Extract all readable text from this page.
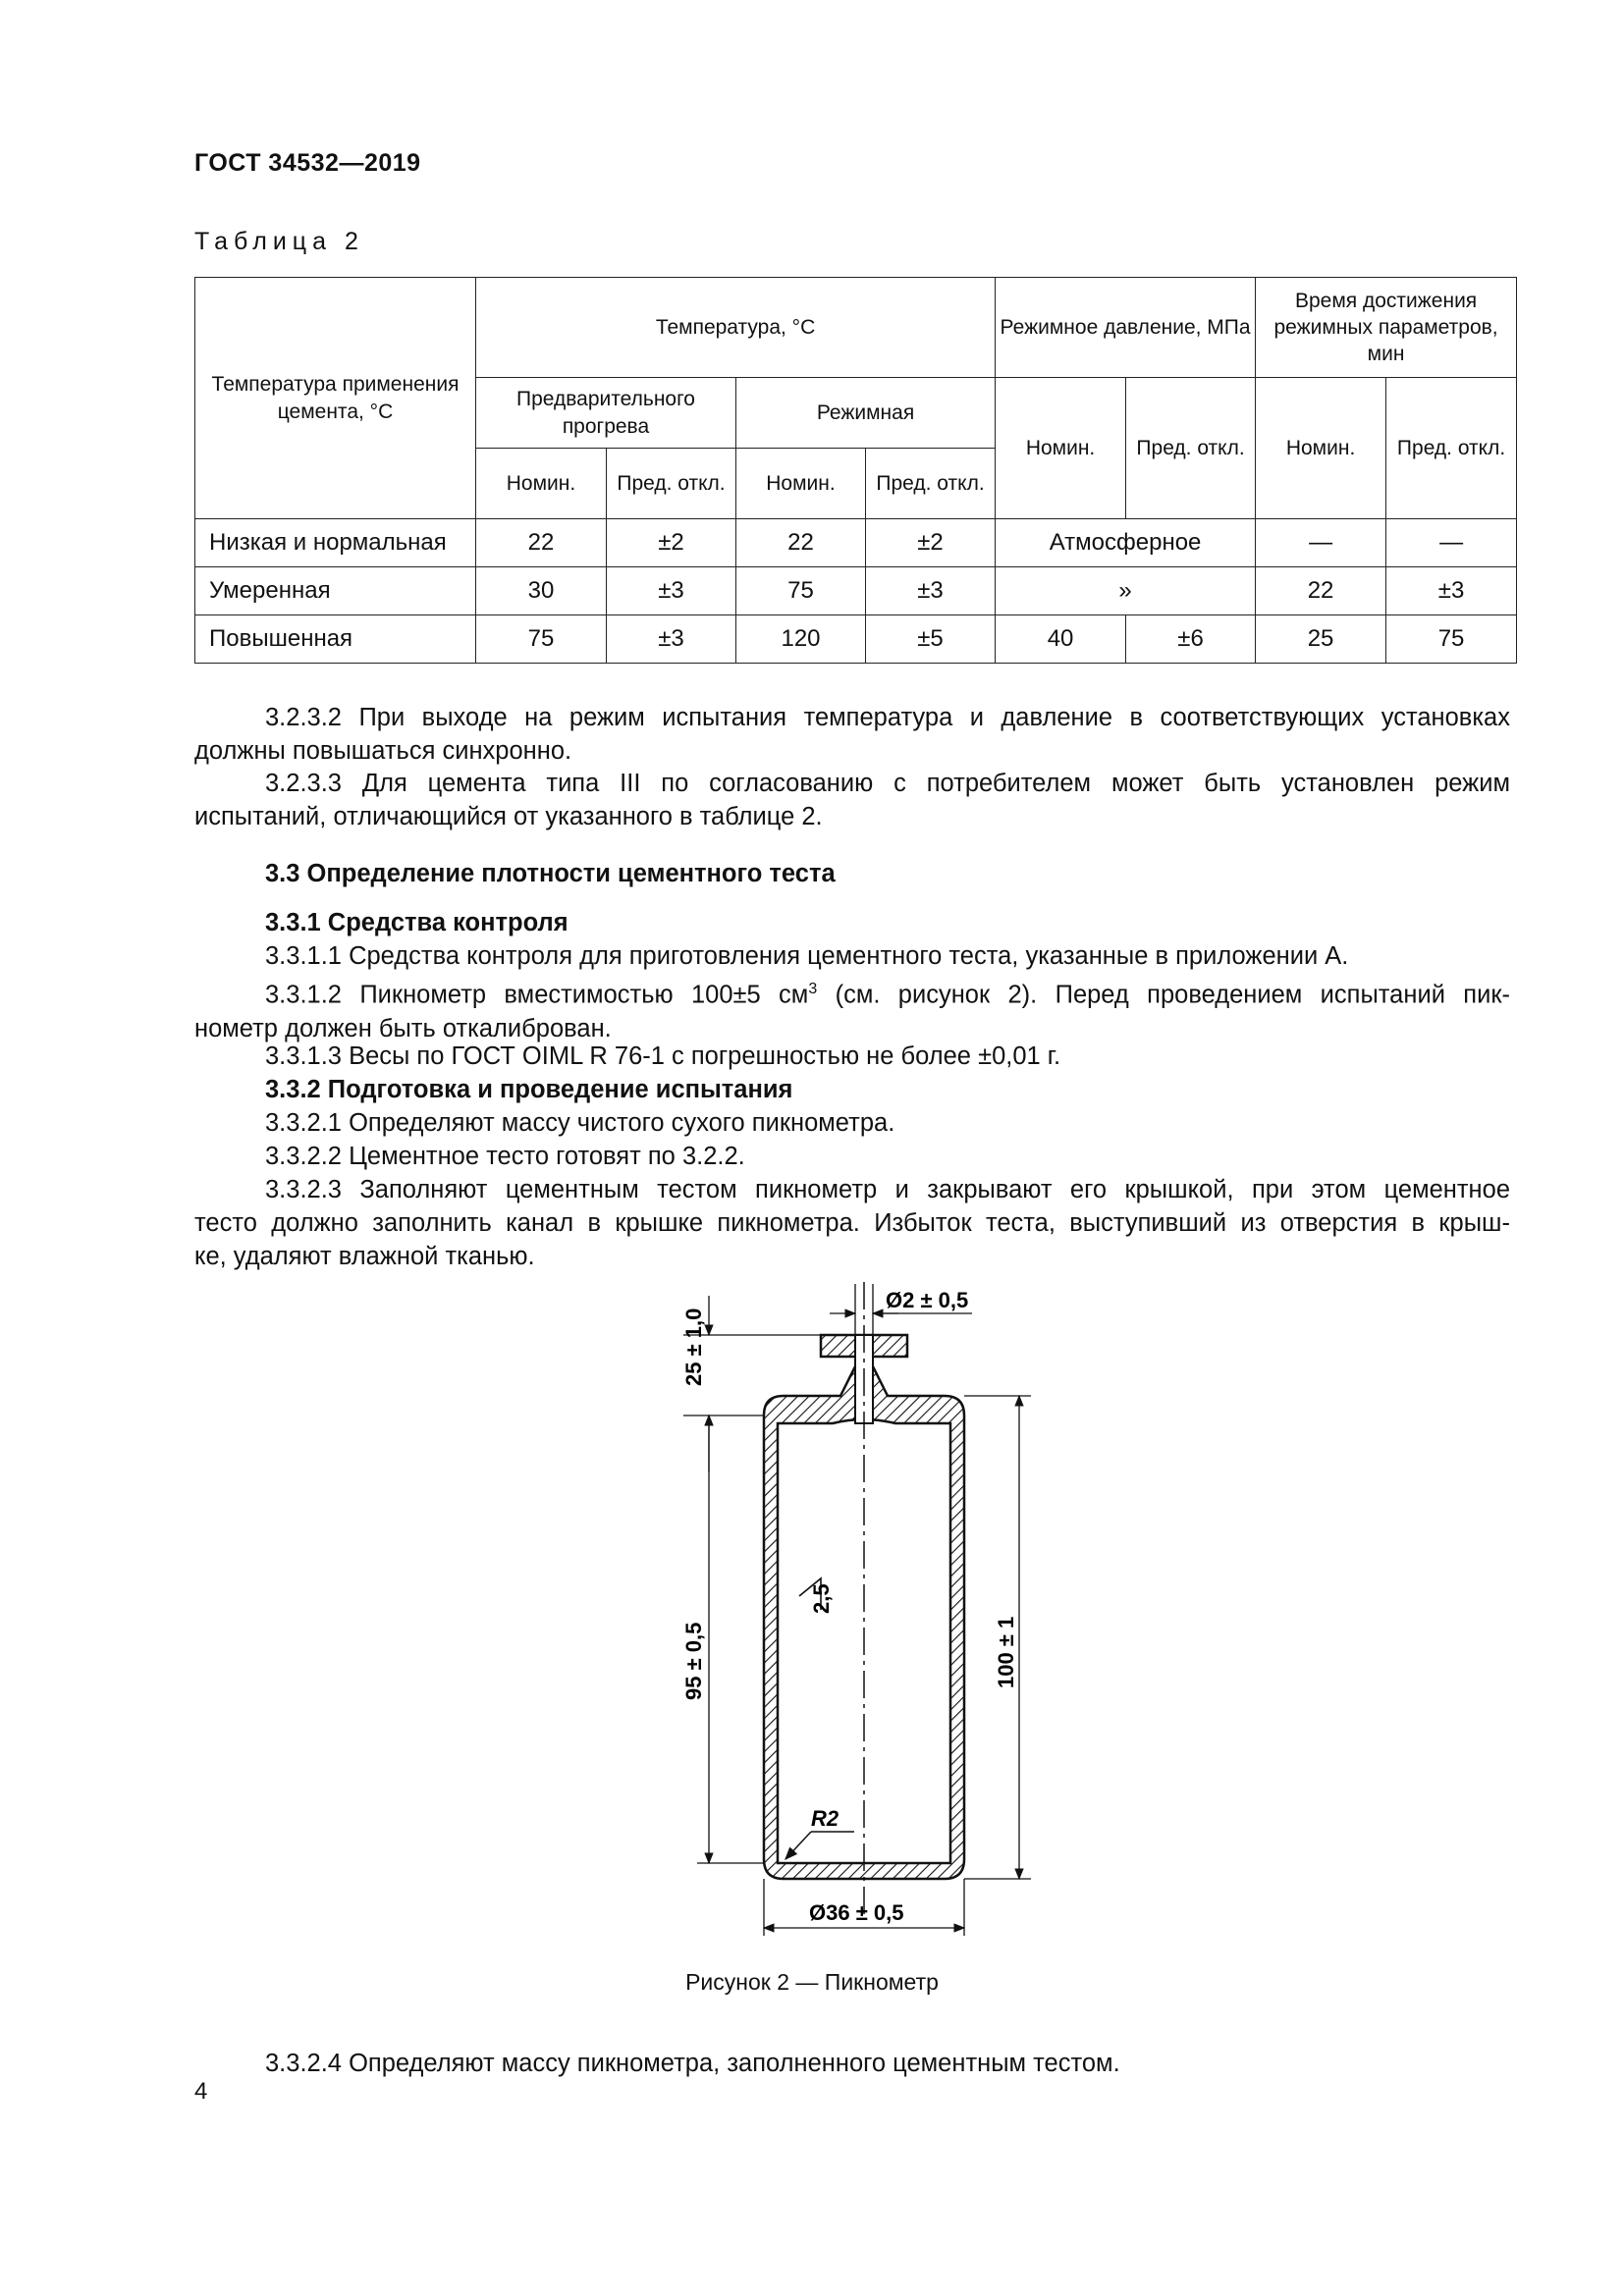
ГОСТ 34532—2019
Таблица 2
Температура применения цемента, °C	Температура, °C				Режимное давление, МПа		Время достижения режимных параметров, мин	
	Предварительного прогрева		Режимная		Номин.	Пред. откл.	Номин.	Пред. откл.
	Номин.	Пред. откл.	Номин.	Пред. откл.				
Низкая и нормальная	22	±2	22	±2	Атмосферное		—	—
Умеренная	30	±3	75	±3	»		22	±3
Повышенная	75	±3	120	±5	40	±6	25	75
3.2.3.2 При выходе на режим испытания температура и давление в соответствующих установках
должны повышаться синхронно.
3.2.3.3 Для цемента типа III по согласованию с потребителем может быть установлен режим
испытаний, отличающийся от указанного в таблице 2.
3.3 Определение плотности цементного теста
3.3.1 Средства контроля
3.3.1.1 Средства контроля для приготовления цементного теста, указанные в приложении А.
3.3.1.2 Пикнометр вместимостью 100±5 $см^3$ (см. рисунок 2). Перед проведением испытаний пик-
нометр должен быть откалиброван.
3.3.1.3 Весы по ГОСТ OIML R 76-1 с погрешностью не более ±0,01 г.
3.3.2 Подготовка и проведение испытания
3.3.2.1 Определяют массу чистого сухого пикнометра.
3.3.2.2 Цементное тесто готовят по 3.2.2.
3.3.2.3 Заполняют цементным тестом пикнометр и закрывают его крышкой, при этом цементное
тесто должно заполнить канал в крышке пикнометра. Избыток теста, выступивший из отверстия в крыш-
ке, удаляют влажной тканью.
Ø2 ± 0,5
25 ± 1,0
95 ± 0,5	100 ± 1
2,5
R2
Ø36 ± 0,5
Рисунок 2 — Пикнометр
3.3.2.4 Определяют массу пикнометра, заполненного цементным тестом.
4
